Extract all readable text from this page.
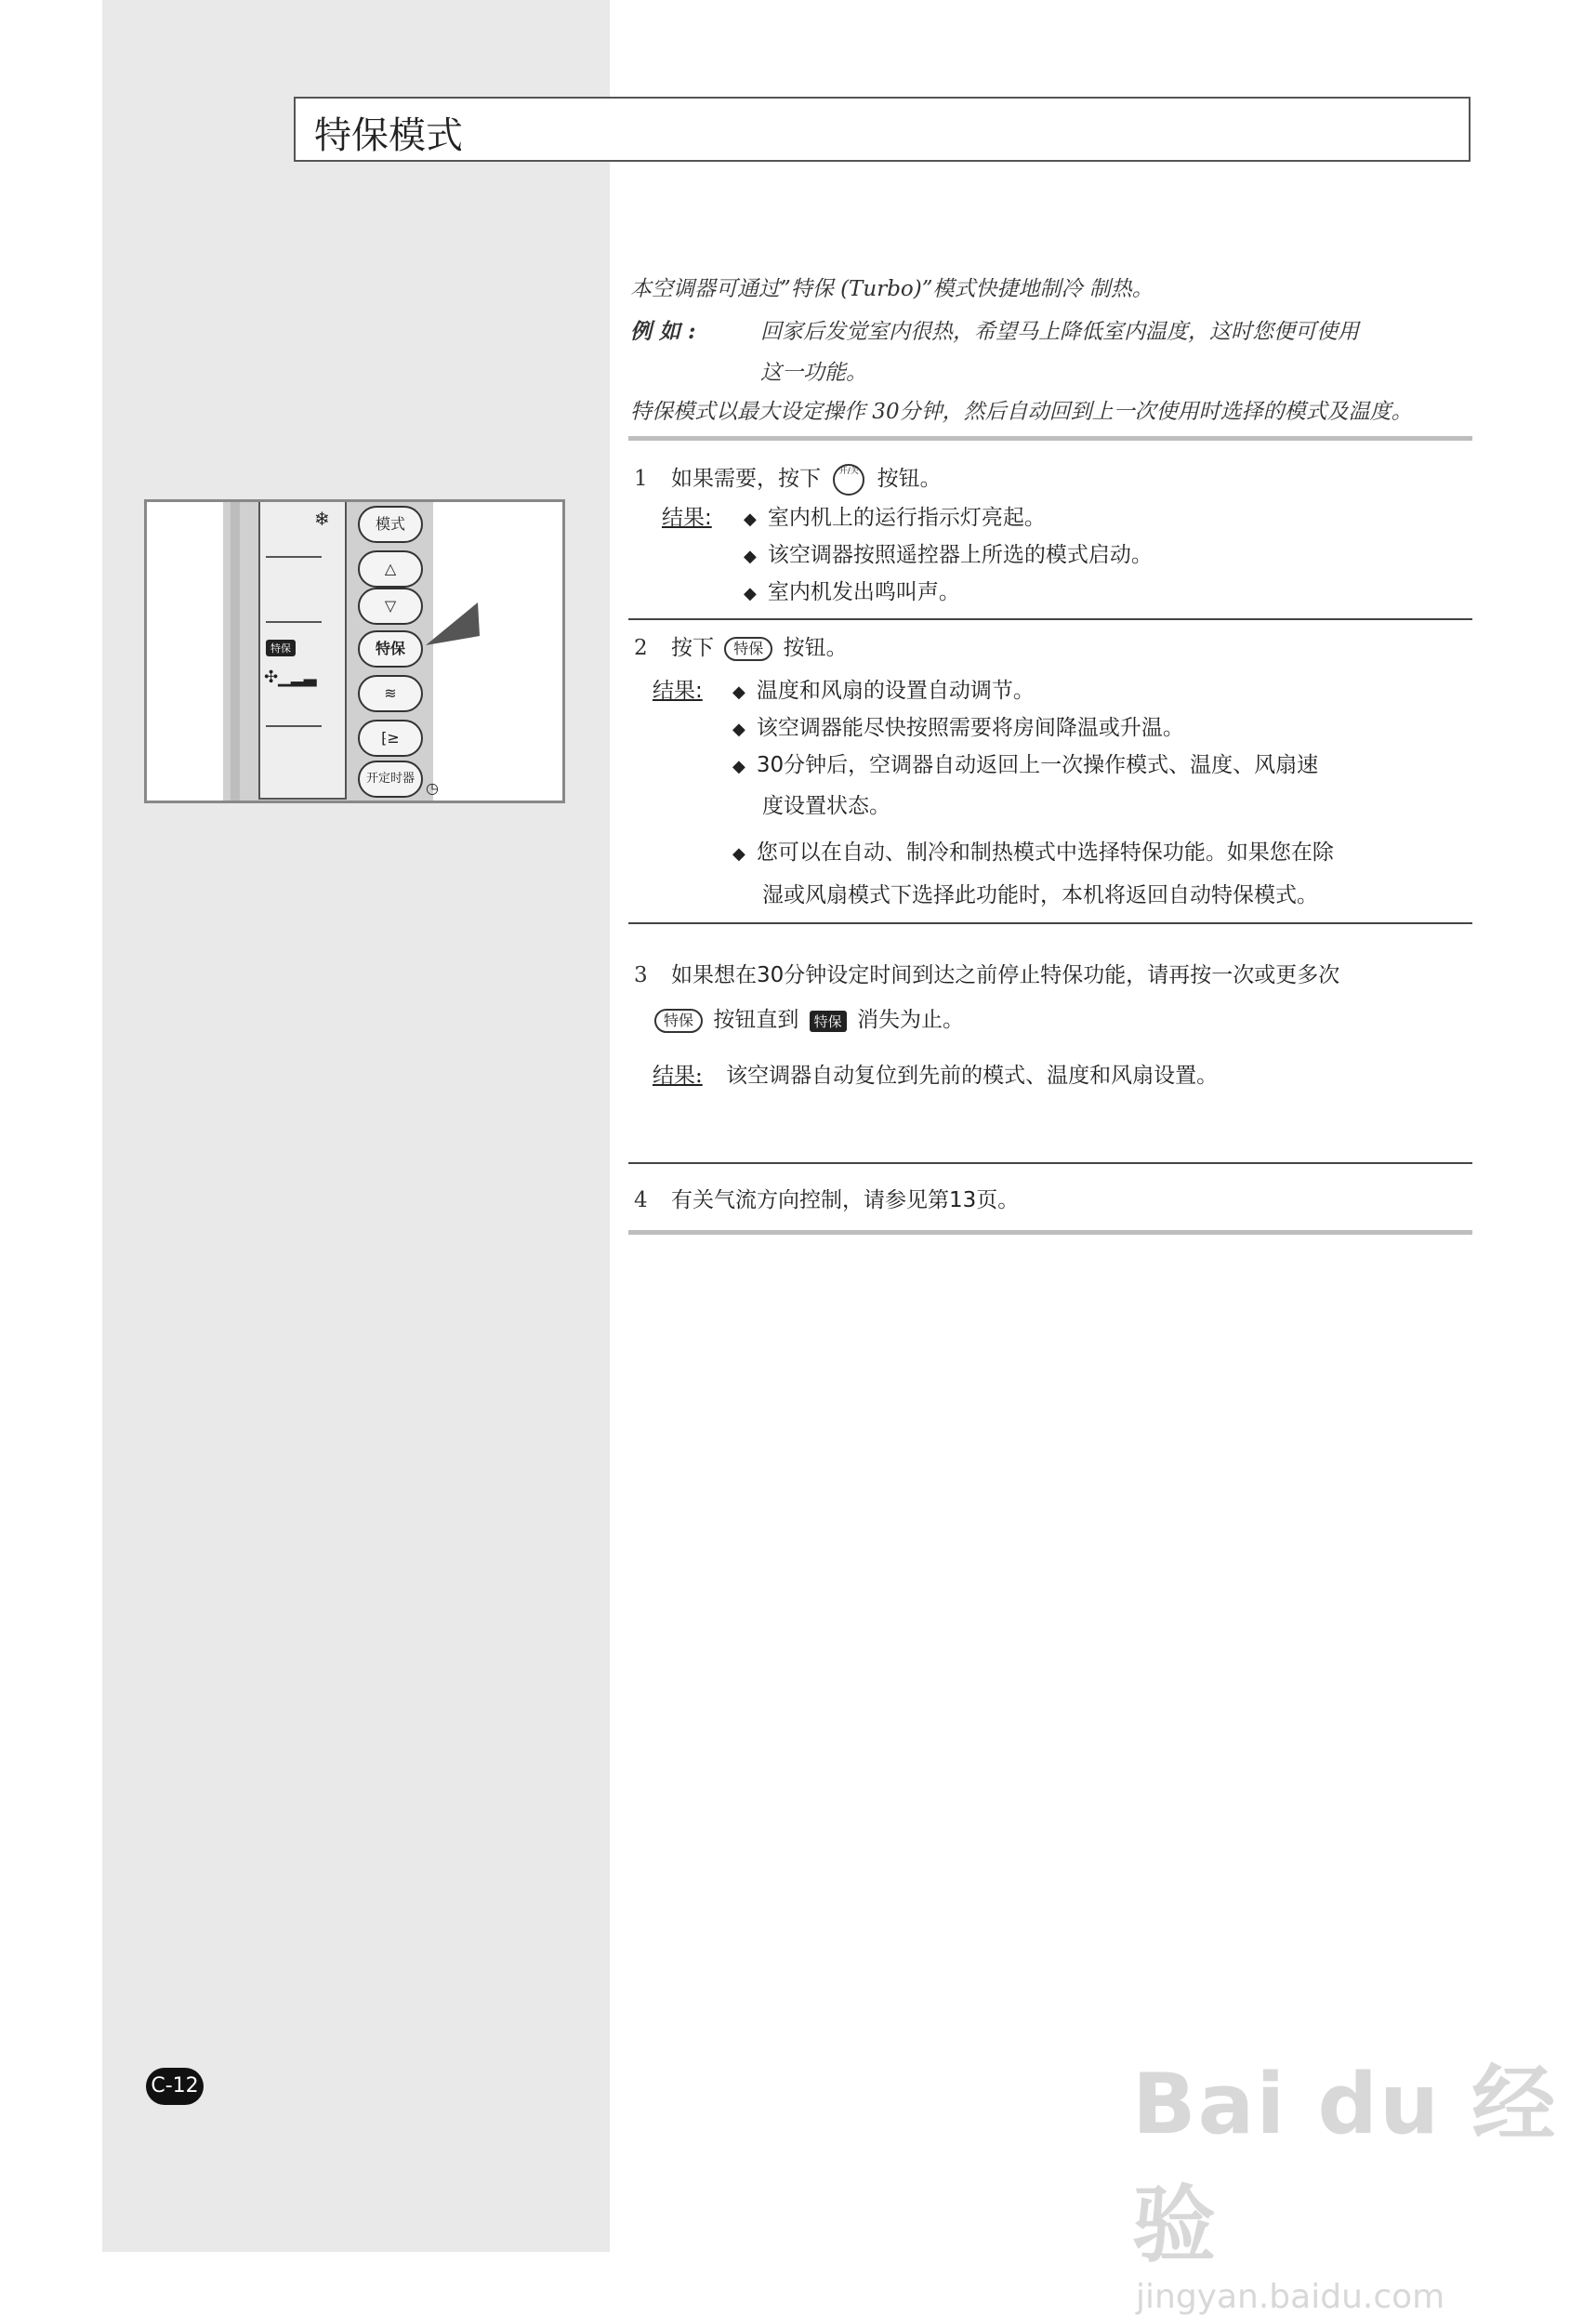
特保模式
本空调器可通过”特保 (Turbo)”模式快捷地制冷 制热。
例 如 :	回家后发觉室内很热，希望马上降低室内温度，这时您便可使用
这一功能。
特保模式以最大设定操作 30分钟，然后自动回到上一次使用时选择的模式及温度。
❄
特保
✣▁▂▃
模式
△
▽
特保
≋
⁅≥
开定时器
◷
1 如果需要，按下 开/关 按钮。
结果: ◆ 室内机上的运行指示灯亮起。
◆ 该空调器按照遥控器上所选的模式启动。
◆ 室内机发出鸣叫声。
2 按下 特保 按钮。
结果: ◆ 温度和风扇的设置自动调节。
◆ 该空调器能尽快按照需要将房间降温或升温。
◆ 30分钟后，空调器自动返回上一次操作模式、温度、风扇速
度设置状态。
◆ 您可以在自动、制冷和制热模式中选择特保功能。如果您在除
湿或风扇模式下选择此功能时，本机将返回自动特保模式。
3 如果想在30分钟设定时间到达之前停止特保功能，请再按一次或更多次
特保 按钮直到 特保 消失为止。
结果: 该空调器自动复位到先前的模式、温度和风扇设置。
4 有关气流方向控制，请参见第13页。
C-12	Bai du 经验
jingyan.baidu.com
